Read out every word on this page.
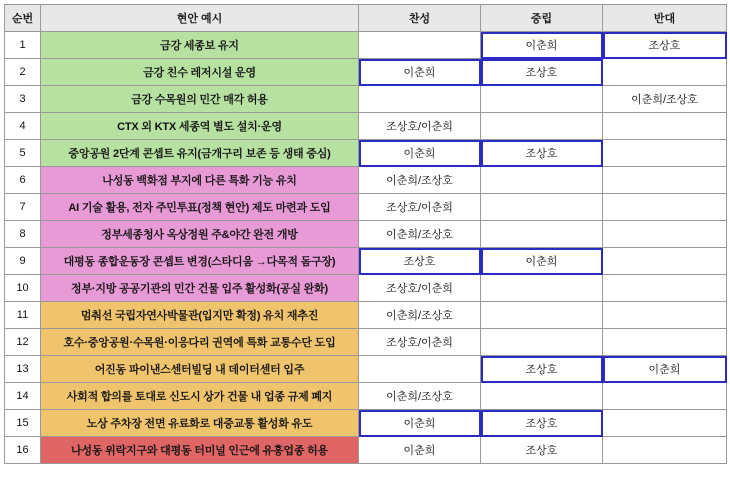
순번	현안 예시	찬성	중립	반대
1	금강 세종보 유지		이춘희	조상호
2	금강 친수 레저시설 운영	이춘희	조상호	
3	금강 수목원의 민간 매각 허용			이춘희/조상호
4	CTX 외 KTX 세종역 별도 설치·운영	조상호/이춘희		
5	중앙공원 2단계 콘셉트 유지(금개구리 보존 등 생태 중심)	이춘희	조상호	
6	나성동 백화점 부지에 다른 특화 기능 유치	이춘희/조상호		
7	AI 기술 활용, 전자 주민투표(정책 현안) 제도 마련과 도입	조상호/이춘희		
8	정부세종청사 옥상정원 주&야간 완전 개방	이춘희/조상호		
9	대평동 종합운동장 콘셉트 변경(스타디움 →다목적 돔구장)	조상호	이춘희	
10	정부·지방 공공기관의 민간 건물 입주 활성화(공실 완화)	조상호/이춘희		
11	멈춰선 국립자연사박물관(입지만 확정) 유치 재추진	이춘희/조상호		
12	호수·중앙공원·수목원·이응다리 권역에 특화 교통수단 도입	조상호/이춘희		
13	어진동 파이낸스센터빌딩 내 데이터센터 입주		조상호	이춘희
14	사회적 합의를 토대로 신도시 상가 건물 내 업종 규제 폐지	이춘희/조상호		
15	노상 주차장 전면 유료화로 대중교통 활성화 유도	이춘희	조상호	
16	나성동 위락지구와 대평동 터미널 인근에 유흥업종 허용	이춘희	조상호	
